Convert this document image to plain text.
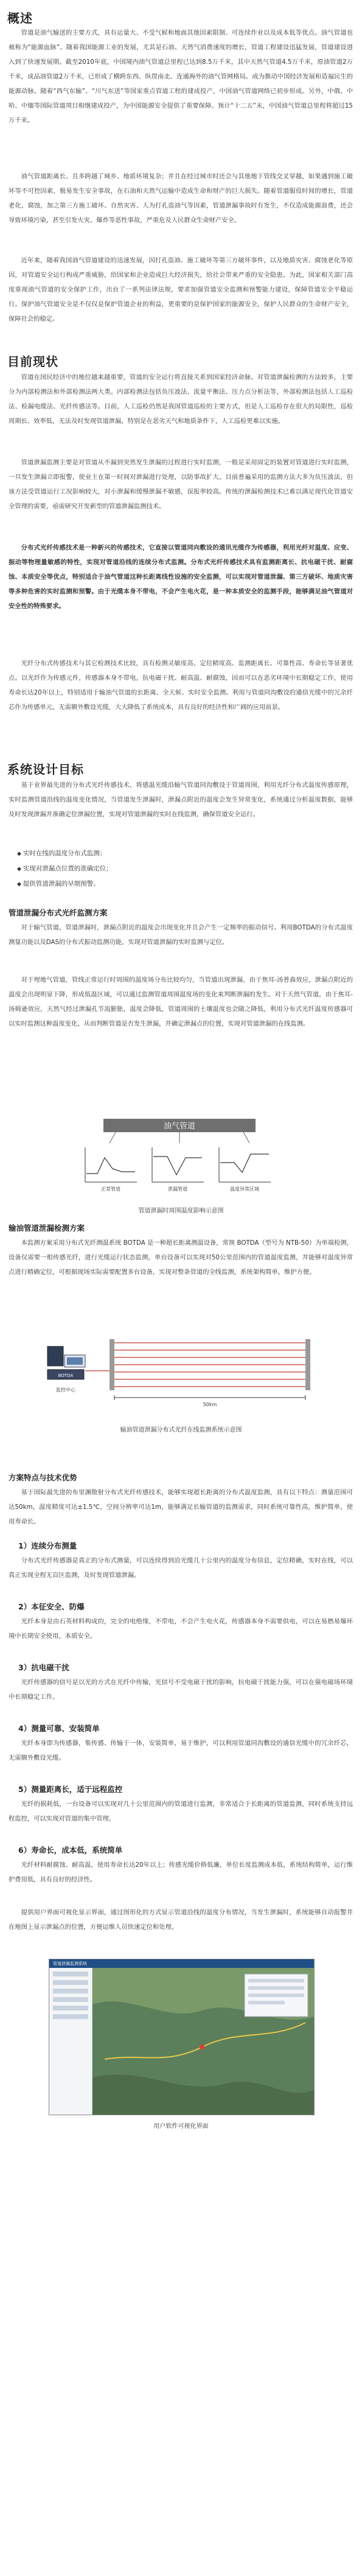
概述
管道是油气输送的主要方式，具有运量大、不受气候和地面其他因素限制、可连续作业以及成本低等优点。油气管道也被称为“能源血脉”。随着我国能源工业的发展，尤其是石油、天然气消费速度的增长，管道工程建设迅猛发展，管道建设进入到了快速发展期。截至2010年底，中国境内油气管道总里程已达到8.5万千米，其中天然气管道4.5万千米，原油管道2万千米，成品油管道2万千米，已形成了横跨东西、纵贯南北、连通海外的油气管网格局。成为推动中国经济发展和造福民生的能源动脉。随着“西气东输”、“川气东送”等国家重点管道工程的建成投产，中国油气管道网络已初步形成。另外，中俄、中哈、中缅等国际管道项目相继建成投产，为中国能源安全提供了重要保障。预计“十二五”末，中国油气管道总里程将超过15万千米。
油气管道距离长、且多跨越了城乡、地质环境复杂；并且在经过城市时还会与其他地下管线交叉穿越，如果遇到施工破坏等不可控因素，极易发生安全事故，在石油和天然气运输中造成生命和财产的巨大损失。随着管道服役时间的增长，管道老化、腐蚀，加之第三方施工破坏、自然灾害、人为打孔盗油气等因素，管道泄漏事故时有发生，不仅造成能源浪费，还会导致环境污染，甚至引发火灾、爆炸等恶性事故，严重危及人民群众生命财产安全。
近年来，随着我国油气管道建设的迅速发展，因打孔盗油、施工破坏等第三方破坏事件，以及地质灾害、腐蚀老化等原因，对管道安全运行构成严重威胁，给国家和企业造成巨大经济损失，给社会带来严重的安全隐患。为此，国家相关部门高度重视油气管道的安全保护工作，出台了一系列法律法规，要求加强管道安全监测和预警能力建设，保障管道安全平稳运行。保护油气管道安全是不仅仅是保护管道企业的利益，更重要的是保护国家的能源安全，保护人民群众的生命财产安全，保障社会的稳定。
目前现状
管道在国民经济中的地位越来越重要，管道的安全运行将直接关系到国家经济命脉。对管道泄漏检测的方法较多，主要分为内部检测法和外部检测法两大类。内部检测法包括负压波法、流量平衡法、压力点分析法等，外部检测法包括人工巡检法、检漏电缆法、光纤传感法等。目前，人工巡检仍然是我国管道巡检的主要方式，但是人工巡检存在很大的局限性，巡检周期长、效率低，无法及时发现管道泄漏，特别是在恶劣天气和地质条件下，人工巡检更难以实施。
管道泄漏监测主要是对管道从不漏到突然发生泄漏的过程进行实时监测，一般是采用固定的装置对管道进行实时监测，一旦发生泄漏立即报警，使业主在第一时间对泄漏进行处理，以防事故扩大。目前普遍采用的监测方法大多为负压波法，但该方法受管道运行工况影响较大，对小泄漏和缓慢泄漏不敏感，误报率较高。传统的泄漏检测技术已难以满足现代化管道安全管理的需要，亟需研究开发新型的管道泄漏监测技术。
分布式光纤传感技术是一种新兴的传感技术，它直接以管道同向敷设的通讯光缆作为传感器，利用光纤对温度、应变、振动等物理量敏感的特性，实现对管道沿线的连续分布式监测。分布式光纤传感技术具有监测距离长、抗电磁干扰、耐腐蚀、本质安全等优点，特别适合于油气管道这种长距离线性设施的安全监测，可以实现对管道泄漏、第三方破坏、地质灾害等多种危害的实时监测和预警。由于光缆本身不带电，不会产生电火花，是一种本质安全的监测手段，能够满足油气管道对安全性的特殊要求。
光纤分布式传感技术与其它检测技术比较，具有检测灵敏度高、定位精度高、监测距离长、可靠性高、寿命长等显著优点。以光纤作为传感元件，传感器本身不带电，抗电磁干扰、耐高温、耐腐蚀，因而可以在恶劣环境中长期稳定工作，使用寿命长达20年以上，特别适用于输油气管道的长距离、全天候、实时安全监测。利用与管道同沟敷设的通信光缆中的冗余纤芯作为传感单元，无需额外敷设光缆，大大降低了系统成本，具有良好的经济性和广阔的应用前景。
系统设计目标
基于业界最先进的分布式光纤传感技术，将感温光缆沿输气管道同沟敷设于管道周围，利用光纤分布式温度传感原理，实时监测管道沿线的温度变化情况，当管道发生泄漏时，泄漏点附近的温度会发生异常变化，系统通过分析温度数据，能够及时发现泄漏并准确定位泄漏位置，实现对管道泄漏的实时在线监测，确保管道安全运行。
◆ 实时在线的温度分布式监测；
◆ 实现对泄漏点位置的准确定位；
◆ 提供管道泄漏的早期预警。
管道泄漏分布式光纤监测方案
对于输气管道，管道泄漏时，泄漏点附近的温度会出现变化并且会产生一定频率的振动信号。利用BOTDA的分布式温度测量功能以及DAS的分布式振动监测功能，实现对管道泄漏的实时监测与定位。
对于埋地气管道，管线正常运行时周围的温度场分布比较均匀，当管道出现泄漏，由于焦耳-汤普森效应，泄漏点附近的温度会出现明显下降，形成低温区域，可以通过监测管道周围温度场的变化来判断泄漏的发生。对于天然气管道，由于焦耳-汤姆逊效应，天然气经过泄漏孔节流膨胀，温度会降低，管道周围的土壤温度也会随之降低，利用分布式光纤温度传感器可以实时监测这种温度变化，从而判断管道是否发生泄漏，并确定泄漏点的位置，实现对管道泄漏的在线监测。
油气管道
正常管道	泄漏管道	温度异常区域
管道泄漏时周围温度影响示意图
输油管道泄漏检测方案
本监测方案采用分布式光纤测温系统 BOTDA 是一种超长距离测温设备，常规 BOTDA（型号为 NTB-50）为单端检测，设备仅需要一根传感光纤，进行光缆运行状态监测，单台设备可以实现对50公里范围内的管道温度监测，并能够对温度异常点进行精确定位，可根据现场实际需要配置多台设备，实现对整条管道的全线监测，系统架构简单，维护方便。
BOTDA
监控中心
50km
输油管道泄漏分布式光纤在线监测系统示意图
方案特点与技术优势
基于国际最先进的布里渊散射分布式光纤传感技术，能够实现超长距离的分布式温度监测，具有以下特点：测量范围可达50km，温度精度可达±1.5℃，空间分辨率可达1m，能够满足长输管道的监测需求，同时系统可靠性高，维护简单，使用寿命长。
1）连续分布测量
分布式光纤传感器是真正的分布式测量，可以连续得到沿光缆几十公里内的温度分布信息，定位精确，实时在线，可以真正实现全程无盲区监测，及时发现管道泄漏。
2）本征安全、防爆
光纤本身是由石英材料构成的，完全的电绝缘，不带电，不会产生电火花，传感器本身不需要供电，可以在易燃易爆环境中长期安全使用，本质安全。
3）抗电磁干扰
光纤传感器的信号是以光的方式在光纤中传输，光信号不受电磁干扰的影响，抗电磁干扰能力强，可以在强电磁场环境中长期稳定工作。
4）测量可靠、安装简单
光纤本身即为传感器，集传感、传输于一体，安装简单，易于维护，可以利用管道同沟敷设的通信光缆中的冗余纤芯，无需额外敷设光缆。
5）测量距离长，适于远程监控
光纤的损耗低，一台设备可以实现对几十公里范围内的管道进行监测，非常适合于长距离的管道监测，同时系统支持远程监控，可以实现对管道的集中管理。
6）寿命长，成本低，系统简单
光纤材料耐腐蚀、耐高温，使用寿命长达20年以上；传感光缆价格低廉，单位长度监测成本低，系统结构简单，运行维护费用低，具有良好的经济性。
提供用户界面可视化显示界面，通过图形化的方式显示管道沿线的温度分布情况，当发生泄漏时，系统能够自动报警并在地图上显示泄漏点的位置，方便运维人员快速定位和处理。
管道泄漏监测系统
用户软件可视化界面
